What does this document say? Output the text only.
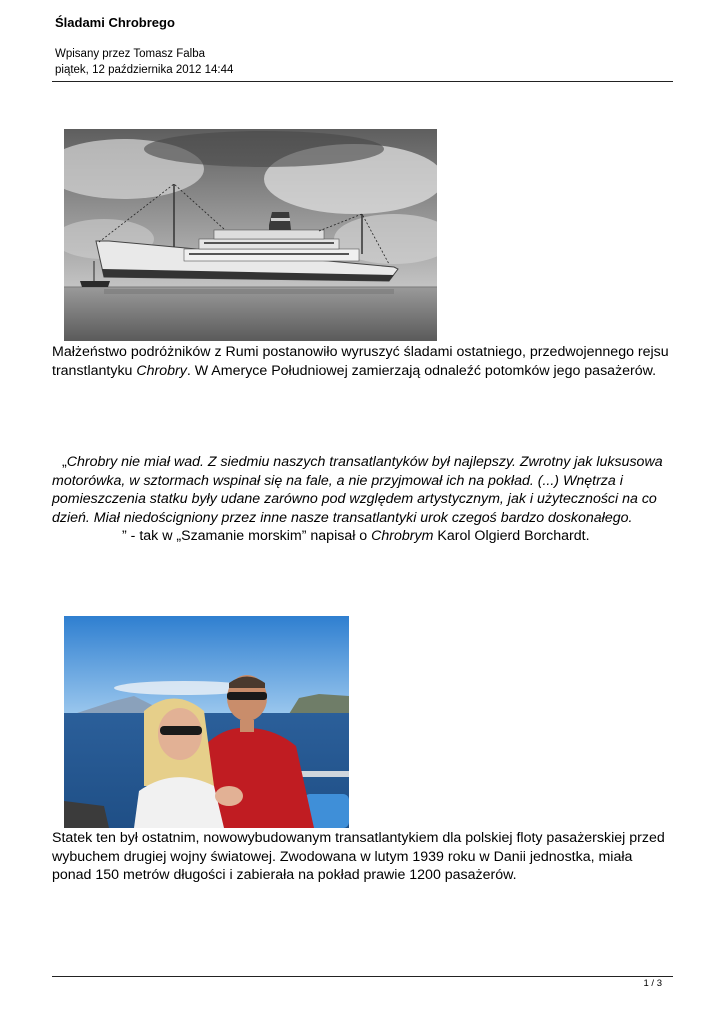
Śladami Chrobrego
Wpisany przez Tomasz Falba
piątek, 12 października 2012 14:44
Małżeństwo podróżników z Rumi postanowiło wyruszyć śladami ostatniego, przedwojennego rejsu transtlantyku Chrobry. W Ameryce Południowej zamierzają odnaleźć potomków jego pasażerów.
„Chrobry nie miał wad. Z siedmiu naszych transatlantyków był najlepszy. Zwrotny jak luksusowa motorówka, w sztormach wspinał się na fale, a nie przyjmował ich na pokład. (...) Wnętrza i pomieszczenia statku były udane zarówno pod względem artystycznym, jak i użyteczności na co dzień. Miał niedościgniony przez inne nasze transatlantyki urok czegoś bardzo doskonałego.” - tak w „Szamanie morskim” napisał o Chrobrym Karol Olgierd Borchardt.
Statek ten był ostatnim, nowowybudowanym transatlantykiem dla polskiej floty pasażerskiej przed wybuchem drugiej wojny światowej. Zwodowana w lutym 1939 roku w Danii jednostka, miała ponad 150 metrów długości i zabierała na pokład prawie 1200 pasażerów.
1 / 3
